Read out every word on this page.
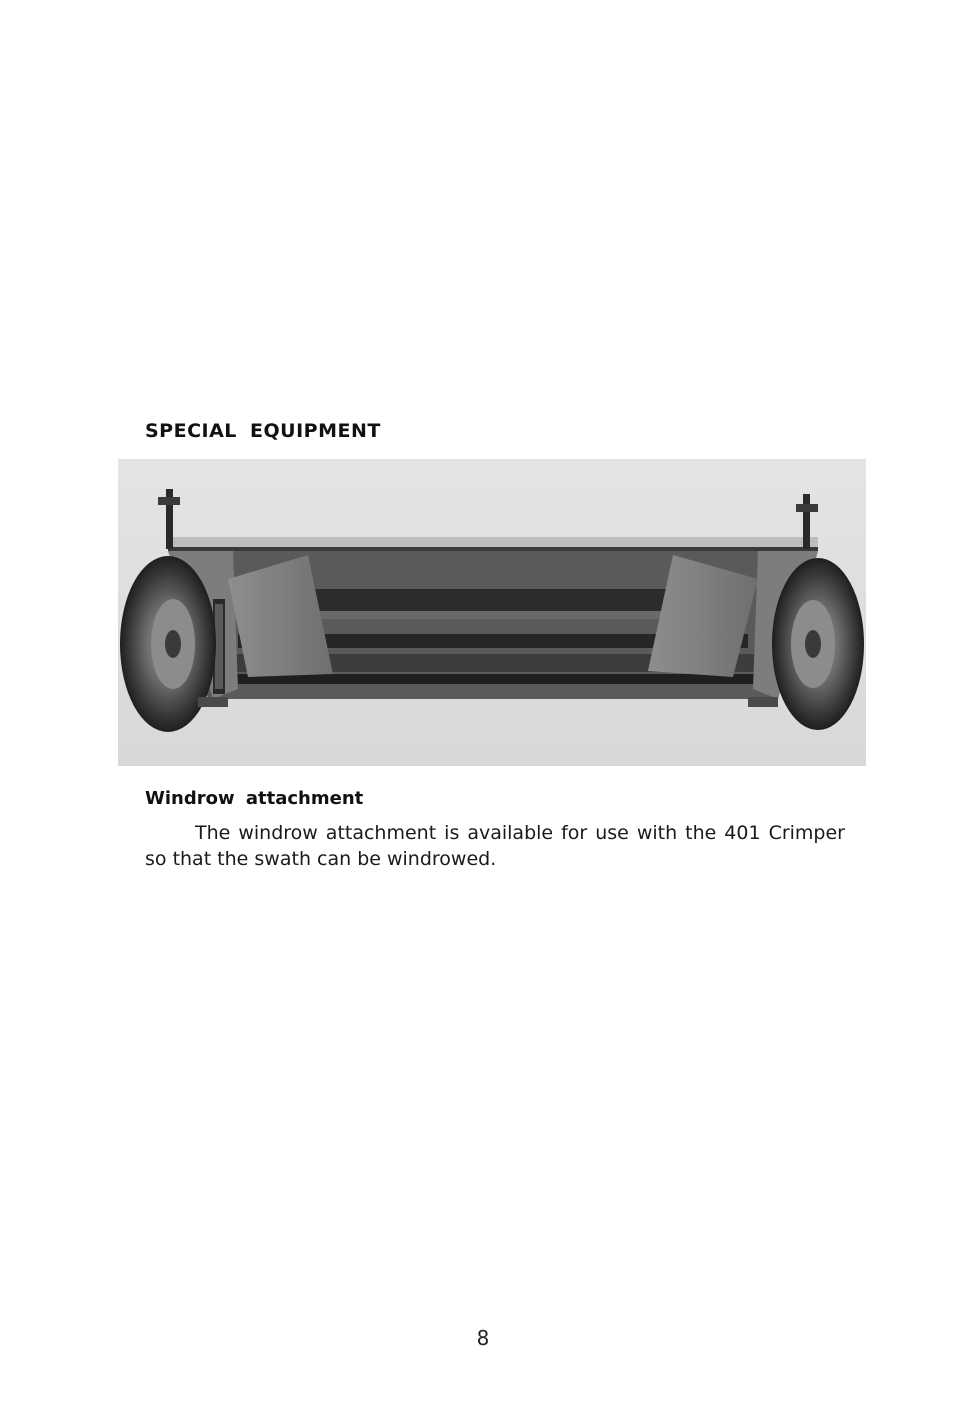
SPECIAL EQUIPMENT
Windrow attachment
The windrow attachment is available for use with the 401 Crimper so that the swath can be windrowed.
8
